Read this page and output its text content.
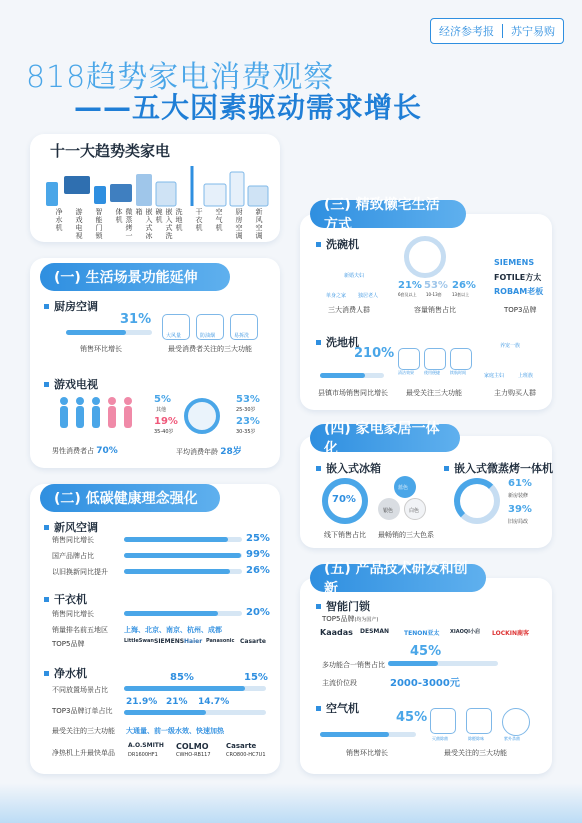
经济参考报	苏宁易购
818趋势家电消费观察
——五大因素驱动需求增长
十一大趋势类家电
净水机 游戏电视 智能门锁	微蒸烤一体机	嵌入式冰箱	嵌入式洗碗机	洗地机 干衣机 空气机 厨房空调 新风空调
(一) 生活场景功能延伸
厨房空调
31%
销售环比增长
大风量	防油烟	易拆洗
最受消费者关注的三大功能
游戏电视
男性消费者占 70%
5%
其他
19%
35-40岁
53%
25-30岁
23%
30-35岁
平均消费年龄 28岁
(二) 低碳健康理念强化
新风空调
销售同比增长	25%
国产品牌占比	99%
以旧换新同比提升	26%
干衣机
销售同比增长	20%
销量排名前五地区 上海、北京、南京、杭州、成都
TOP5品牌	LittleSwan SIEMENS Haier Panasonic Casarte
净水机
不同放置场景占比
85%	15%
TOP3品牌订单占比
21.9% 21% 14.7%
最受关注的三大功能 大通量、前一级水效、快速加热
净热机上升最快单品
A.O.SMITH
DR1600HF1
COLMO
CWHO-RB117
Casarte
CRO800-HC7U1
(三) 精致懒宅生活方式
洗碗机
新婚夫妇
单身之家 独居老人
三大消费人群
21%
6套及以上
53%
10-13套
26%
13套以上
容量销售占比
SIEMENS
FOTILE方太
ROBAM老板
TOP3品牌
洗地机
210%
县镇市场销售同比增长
清洁效果	使用便捷	续航时间
最受关注三大功能
养宠一族
家庭主妇	上班族
主力购买人群
(四) 家电家居一体化
嵌入式冰箱
70%
线下销售占比
蓝色
银色	白色
最畅销的三大色系
嵌入式微蒸烤一体机
61%
新房装修
39%
旧房局改
(五) 产品技术研发和创新
智能门锁
TOP5品牌(均为国产)
Kaadas DESMAN TENON亚太 XIAOQI小启 LOCKIN鹿客
45%
多功能合一销售占比
主流价位段	2000-3000元
空气机
45%
销售环比增长
灭菌除菌	除醛除味	紫外杀菌
最受关注的三大功能
